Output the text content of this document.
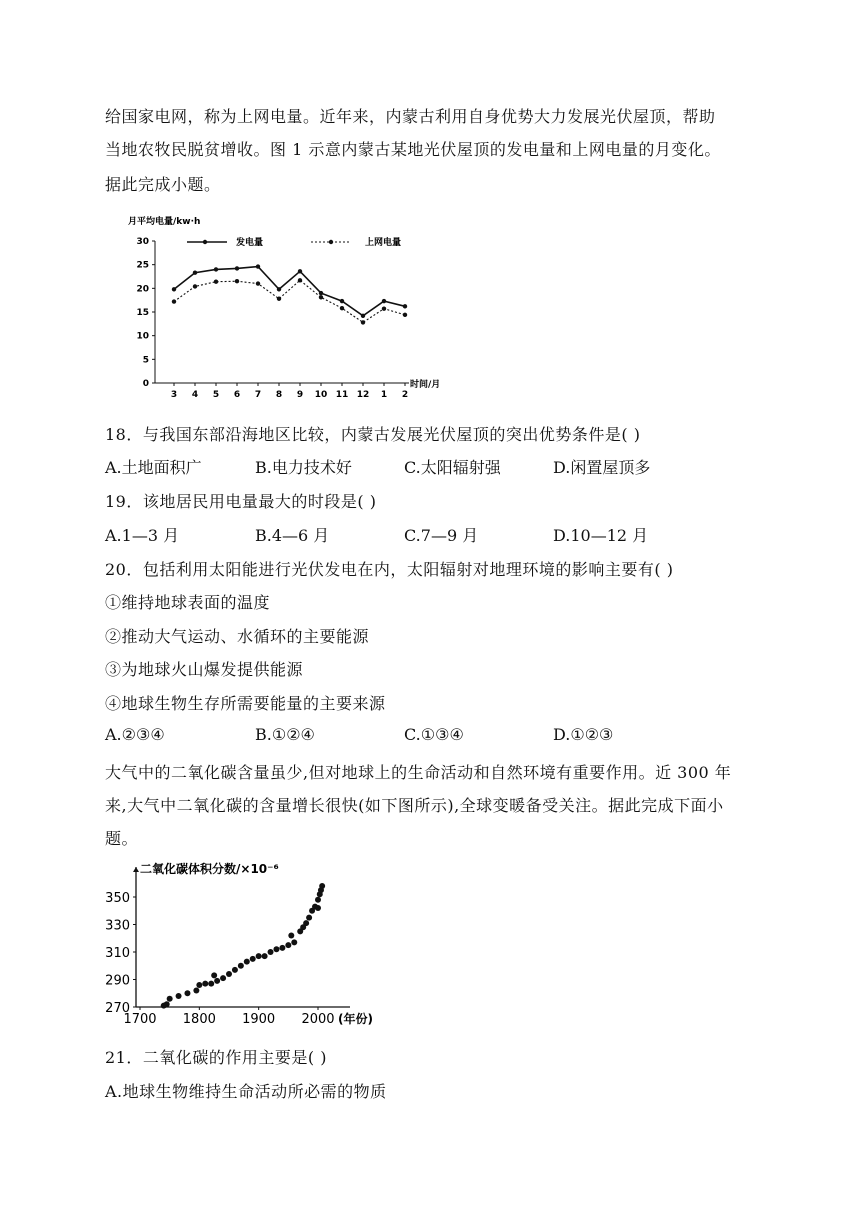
给国家电网，称为上网电量。近年来，内蒙古利用自身优势大力发展光伏屋顶，帮助
当地农牧民脱贫增收。图 1 示意内蒙古某地光伏屋顶的发电量和上网电量的月变化。
据此完成小题。
月平均电量/kw·h
时间/月
发电量	上网电量
0
5
10
15
20
25
30
3 4 5 6 7 8 9 10 11 12 1 2
18．与我国东部沿海地区比较，内蒙古发展光伏屋顶的突出优势条件是( )
A.土地面积广	B.电力技术好	C.太阳辐射强	D.闲置屋顶多
19．该地居民用电量最大的时段是( )
A.1—3 月	B.4—6 月	C.7—9 月	D.10—12 月
20．包括利用太阳能进行光伏发电在内，太阳辐射对地理环境的影响主要有( )
①维持地球表面的温度
②推动大气运动、水循环的主要能源
③为地球火山爆发提供能源
④地球生物生存所需要能量的主要来源
A.②③④	B.①②④	C.①③④	D.①②③
大气中的二氧化碳含量虽少,但对地球上的生命活动和自然环境有重要作用。近 300 年
来,大气中二氧化碳的含量增长很快(如下图所示),全球变暖备受关注。据此完成下面小
题。
二氧化碳体积分数/×10⁻⁶
270
290
310
330
350
1700 1800 1900 2000 (年份)
21．二氧化碳的作用主要是( )
A.地球生物维持生命活动所必需的物质
